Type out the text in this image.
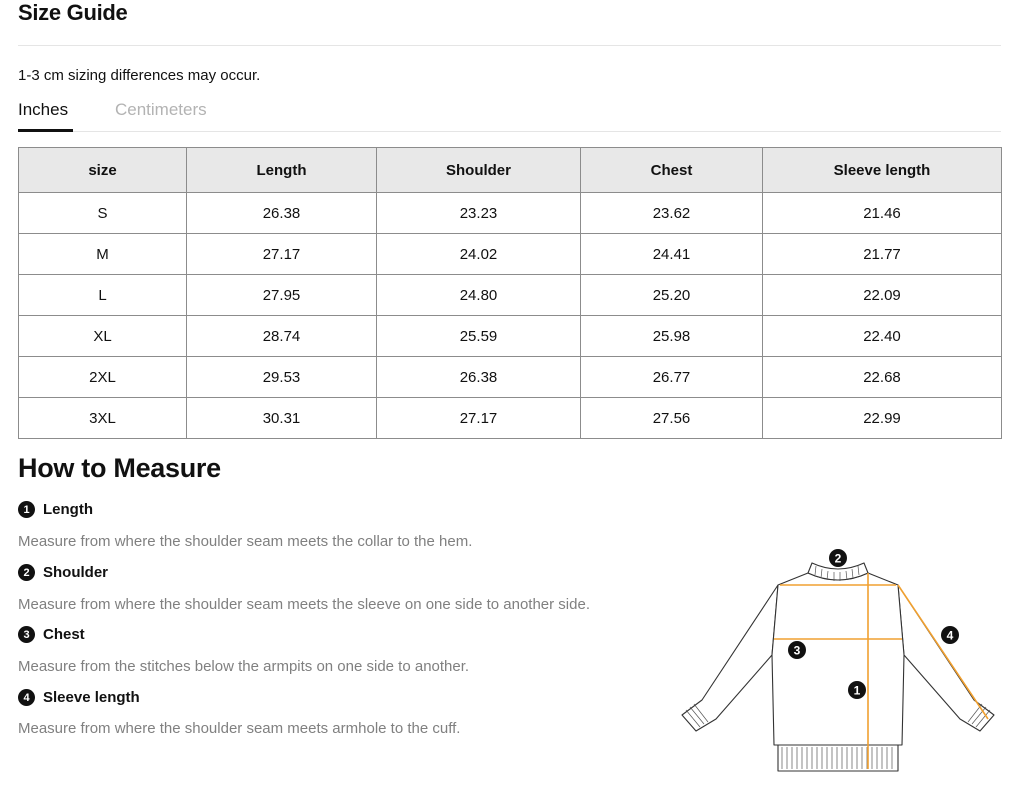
Size Guide
1-3 cm sizing differences may occur.
Inches	Centimeters
size	Length	Shoulder	Chest	Sleeve length
S	26.38	23.23	23.62	21.46
M	27.17	24.02	24.41	21.77
L	27.95	24.80	25.20	22.09
XL	28.74	25.59	25.98	22.40
2XL	29.53	26.38	26.77	22.68
3XL	30.31	27.17	27.56	22.99
How to Measure
1 Length
Measure from where the shoulder seam meets the collar to the hem.
2 Shoulder
Measure from where the shoulder seam meets the sleeve on one side to another side.
3 Chest
Measure from the stitches below the armpits on one side to another.
4 Sleeve length
Measure from where the shoulder seam meets armhole to the cuff.
2
4
3
1
